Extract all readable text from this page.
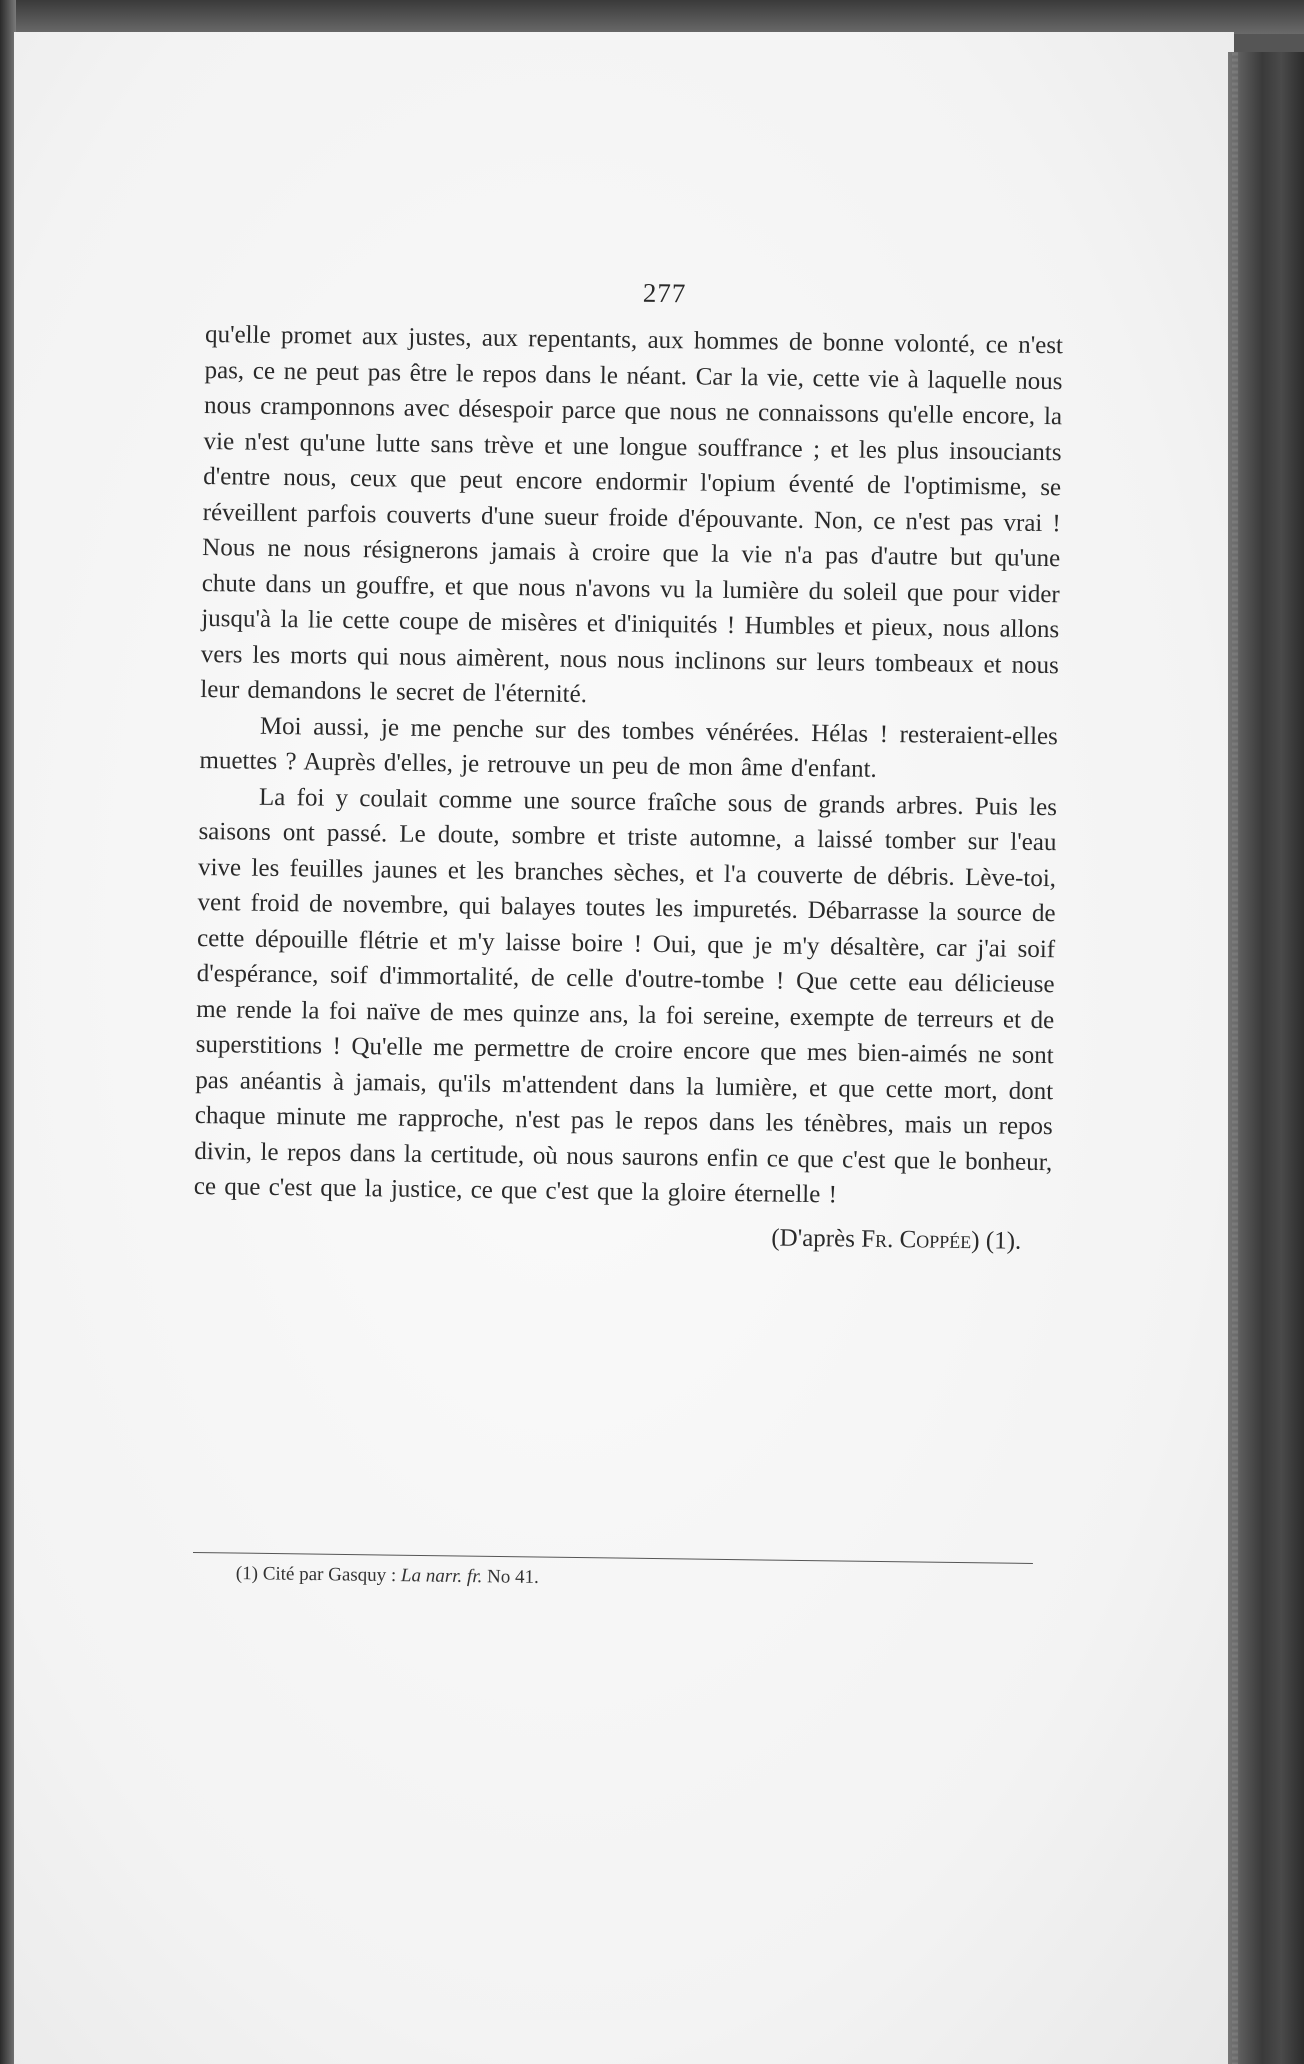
277

qu'elle promet aux justes, aux repentants, aux hommes de bonne volonté, ce n'est pas, ce ne peut pas être le repos dans le néant. Car la vie, cette vie à laquelle nous nous cramponnons avec désespoir parce que nous ne connaissons qu'elle encore, la vie n'est qu'une lutte sans trève et une longue souffrance ; et les plus insouciants d'entre nous, ceux que peut encore endormir l'opium éventé de l'optimisme, se réveillent parfois couverts d'une sueur froide d'épouvante. Non, ce n'est pas vrai ! Nous ne nous résignerons jamais à croire que la vie n'a pas d'autre but qu'une chute dans un gouffre, et que nous n'avons vu la lumière du soleil que pour vider jusqu'à la lie cette coupe de misères et d'iniquités ! Humbles et pieux, nous allons vers les morts qui nous aimèrent, nous nous inclinons sur leurs tombeaux et nous leur demandons le secret de l'éternité.

Moi aussi, je me penche sur des tombes vénérées. Hélas ! resteraient-elles muettes ? Auprès d'elles, je retrouve un peu de mon âme d'enfant.

La foi y coulait comme une source fraîche sous de grands arbres. Puis les saisons ont passé. Le doute, sombre et triste automne, a laissé tomber sur l'eau vive les feuilles jaunes et les branches sèches, et l'a couverte de débris. Lève-toi, vent froid de novembre, qui balayes toutes les impuretés. Débarrasse la source de cette dépouille flétrie et m'y laisse boire ! Oui, que je m'y désaltère, car j'ai soif d'espérance, soif d'immortalité, de celle d'outre-tombe ! Que cette eau délicieuse me rende la foi naïve de mes quinze ans, la foi sereine, exempte de terreurs et de superstitions ! Qu'elle me permettre de croire encore que mes bien-aimés ne sont pas anéantis à jamais, qu'ils m'attendent dans la lumière, et que cette mort, dont chaque minute me rapproche, n'est pas le repos dans les ténèbres, mais un repos divin, le repos dans la certitude, où nous saurons enfin ce que c'est que le bonheur, ce que c'est que la justice, ce que c'est que la gloire éternelle !

(D'après Fr. Coppée) (1).
(1) Cité par Gasquy : La narr. fr. No 41.
